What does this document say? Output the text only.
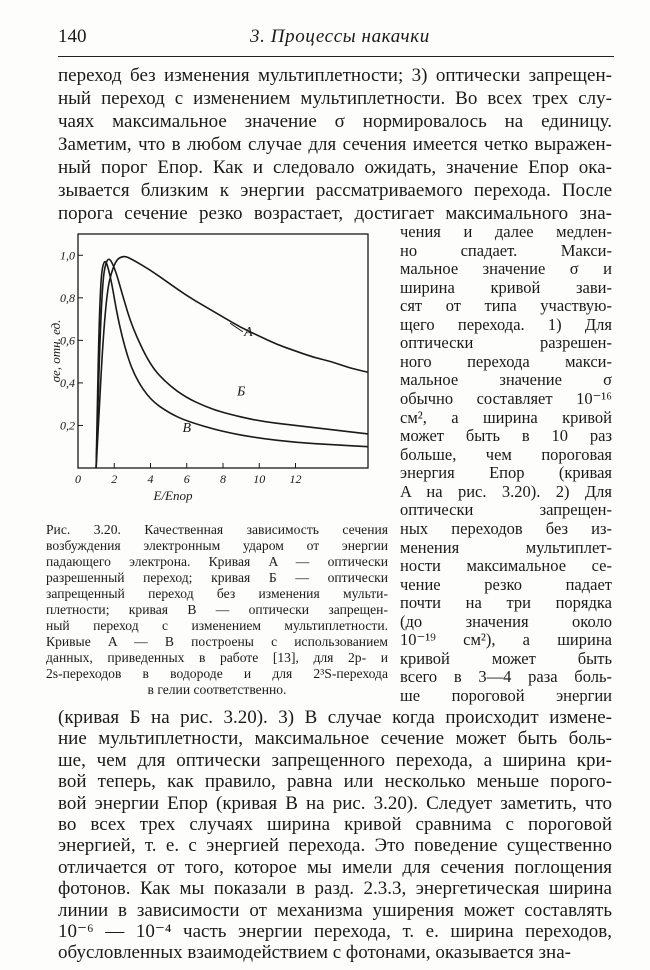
140	3. Процессы накачки
переход без изменения мультиплетности; 3) оптически запрещен-
ный переход с изменением мультиплетности. Во всех трех слу-
чаях максимальное значение σ нормировалось на единицу.
Заметим, что в любом случае для сечения имеется четко выражен-
ный порог Eпор. Как и следовало ожидать, значение Eпор ока-
зывается близким к энергии рассматриваемого перехода. После
порога сечение резко возрастает, достигает максимального зна-
0	2	4	6	8 10 12
0,2
0,4
0,6
0,8
1,0
σe, отн. ед.
E/Eпор
A
Б
В
Рис. 3.20. Качественная зависимость сечения
возбуждения электронным ударом от энергии
падающего электрона. Кривая A — оптически
разрешенный переход; кривая Б — оптически
запрещенный переход без изменения мульти-
плетности; кривая В — оптически запрещен-
ный переход с изменением мультиплетности.
Кривые A — В построены с использованием
данных, приведенных в работе [13], для 2p- и
2s-переходов в водороде и для 2³S-перехода
в гелии соответственно.
чения и далее медлен-
но спадает. Макси-
мальное значение σ и
ширина кривой зави-
сят от типа участвую-
щего перехода. 1) Для
оптически разрешен-
ного перехода макси-
мальное значение σ
обычно составляет 10⁻¹⁶
см², а ширина кривой
может быть в 10 раз
больше, чем пороговая
энергия Eпор (кривая
A на рис. 3.20). 2) Для
оптически запрещен-
ных переходов без из-
менения мультиплет-
ности максимальное се-
чение резко падает
почти на три порядка
(до значения около
10⁻¹⁹ см²), а ширина
кривой может быть
всего в 3—4 раза боль-
ше пороговой энергии
(кривая Б на рис. 3.20). 3) В случае когда происходит измене-
ние мультиплетности, максимальное сечение может быть боль-
ше, чем для оптически запрещенного перехода, а ширина кри-
вой теперь, как правило, равна или несколько меньше порого-
вой энергии Eпор (кривая В на рис. 3.20). Следует заметить, что
во всех трех случаях ширина кривой сравнима с пороговой
энергией, т. е. с энергией перехода. Это поведение существенно
отличается от того, которое мы имели для сечения поглощения
фотонов. Как мы показали в разд. 2.3.3, энергетическая ширина
линии в зависимости от механизма уширения может составлять
10⁻⁶ — 10⁻⁴ часть энергии перехода, т. е. ширина переходов,
обусловленных взаимодействием с фотонами, оказывается зна-
